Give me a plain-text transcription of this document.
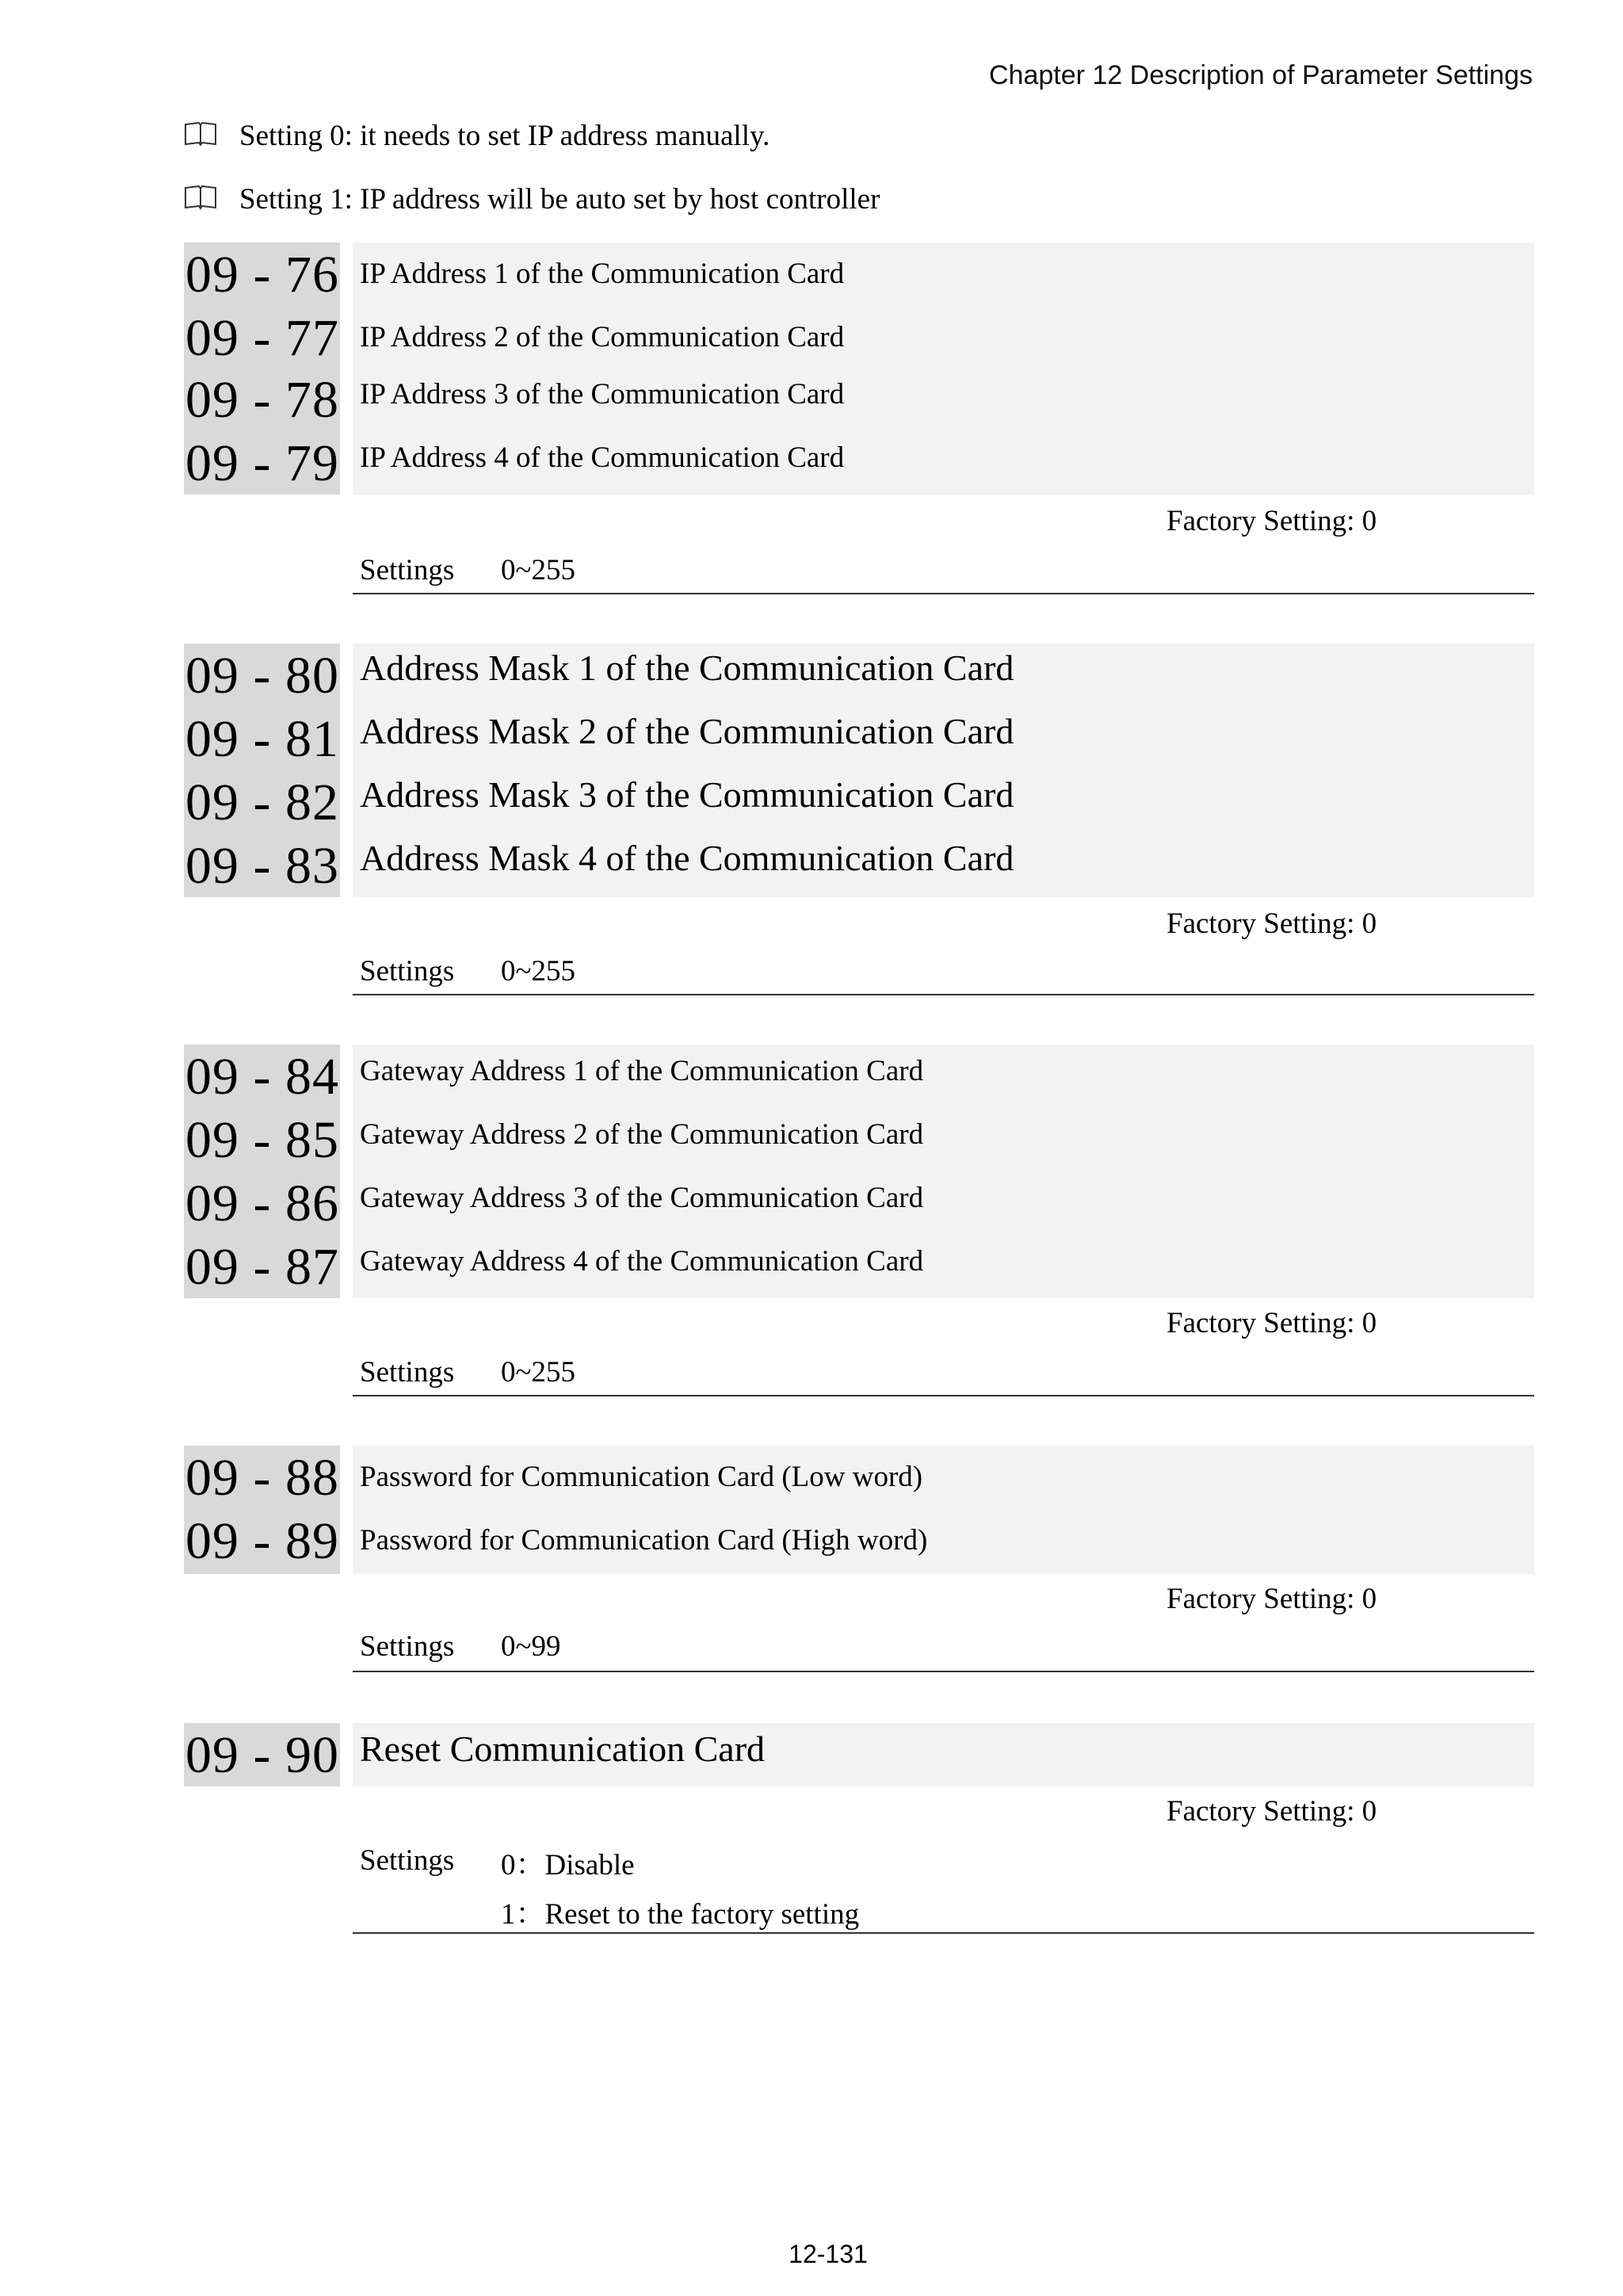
Chapter 12 Description of Parameter Settings
Setting 0: it needs to set IP address manually.
Setting 1: IP address will be auto set by host controller
09 - 76
09 - 77
09 - 78
09 - 79
IP Address 1 of the Communication Card
IP Address 2 of the Communication Card
IP Address 3 of the Communication Card
IP Address 4 of the Communication Card
Factory Setting: 0
Settings 0~255
09 - 80
09 - 81
09 - 82
09 - 83
Address Mask 1 of the Communication Card
Address Mask 2 of the Communication Card
Address Mask 3 of the Communication Card
Address Mask 4 of the Communication Card
Factory Setting: 0
Settings 0~255
09 - 84
09 - 85
09 - 86
09 - 87
Gateway Address 1 of the Communication Card
Gateway Address 2 of the Communication Card
Gateway Address 3 of the Communication Card
Gateway Address 4 of the Communication Card
Factory Setting: 0
Settings 0~255
09 - 88
09 - 89
Password for Communication Card (Low word)
Password for Communication Card (High word)
Factory Setting: 0
Settings 0~99
09 - 90 Reset Communication Card
Factory Setting: 0
Settings 0：Disable
1：Reset to the factory setting
12-131
